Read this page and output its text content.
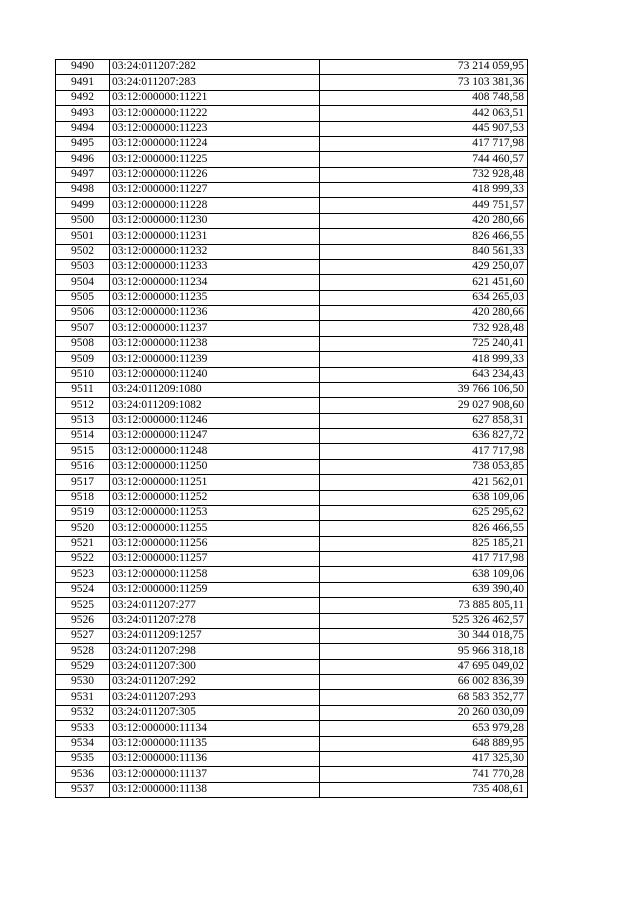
9490	03:24:011207:282	73 214 059,95
9491	03:24:011207:283	73 103 381,36
9492	03:12:000000:11221	408 748,58
9493	03:12:000000:11222	442 063,51
9494	03:12:000000:11223	445 907,53
9495	03:12:000000:11224	417 717,98
9496	03:12:000000:11225	744 460,57
9497	03:12:000000:11226	732 928,48
9498	03:12:000000:11227	418 999,33
9499	03:12:000000:11228	449 751,57
9500	03:12:000000:11230	420 280,66
9501	03:12:000000:11231	826 466,55
9502	03:12:000000:11232	840 561,33
9503	03:12:000000:11233	429 250,07
9504	03:12:000000:11234	621 451,60
9505	03:12:000000:11235	634 265,03
9506	03:12:000000:11236	420 280,66
9507	03:12:000000:11237	732 928,48
9508	03:12:000000:11238	725 240,41
9509	03:12:000000:11239	418 999,33
9510	03:12:000000:11240	643 234,43
9511	03:24:011209:1080	39 766 106,50
9512	03:24:011209:1082	29 027 908,60
9513	03:12:000000:11246	627 858,31
9514	03:12:000000:11247	636 827,72
9515	03:12:000000:11248	417 717,98
9516	03:12:000000:11250	738 053,85
9517	03:12:000000:11251	421 562,01
9518	03:12:000000:11252	638 109,06
9519	03:12:000000:11253	625 295,62
9520	03:12:000000:11255	826 466,55
9521	03:12:000000:11256	825 185,21
9522	03:12:000000:11257	417 717,98
9523	03:12:000000:11258	638 109,06
9524	03:12:000000:11259	639 390,40
9525	03:24:011207:277	73 885 805,11
9526	03:24:011207:278	525 326 462,57
9527	03:24:011209:1257	30 344 018,75
9528	03:24:011207:298	95 966 318,18
9529	03:24:011207:300	47 695 049,02
9530	03:24:011207:292	66 002 836,39
9531	03:24:011207:293	68 583 352,77
9532	03:24:011207:305	20 260 030,09
9533	03:12:000000:11134	653 979,28
9534	03:12:000000:11135	648 889,95
9535	03:12:000000:11136	417 325,30
9536	03:12:000000:11137	741 770,28
9537	03:12:000000:11138	735 408,61
